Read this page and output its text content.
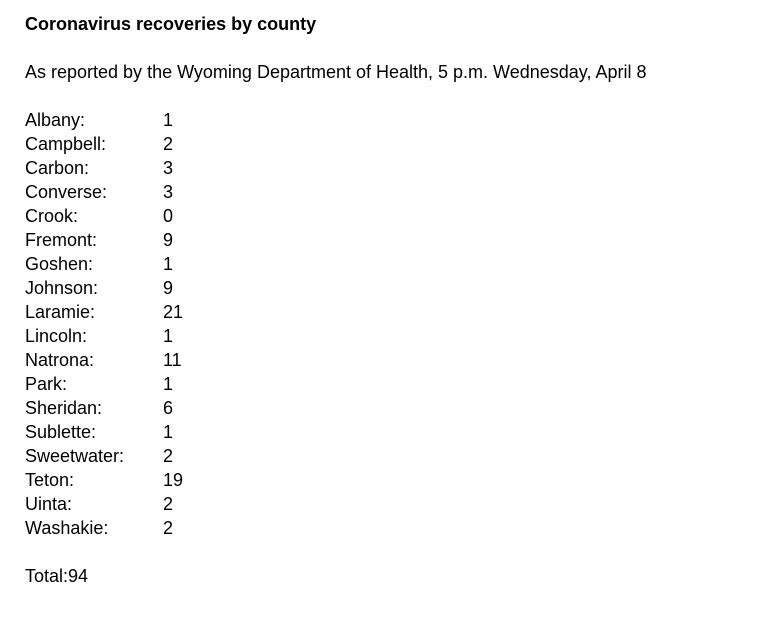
Coronavirus recoveries by county
As reported by the Wyoming Department of Health, 5 p.m. Wednesday, April 8
Albany:	1
Campbell:	2
Carbon:	3
Converse:	3
Crook:	0
Fremont:	9
Goshen:	1
Johnson:	9
Laramie:	21
Lincoln:	1
Natrona:	11
Park:	1
Sheridan:	6
Sublette:	1
Sweetwater:	2
Teton:	19
Uinta:	2
Washakie:	2
Total: 94
